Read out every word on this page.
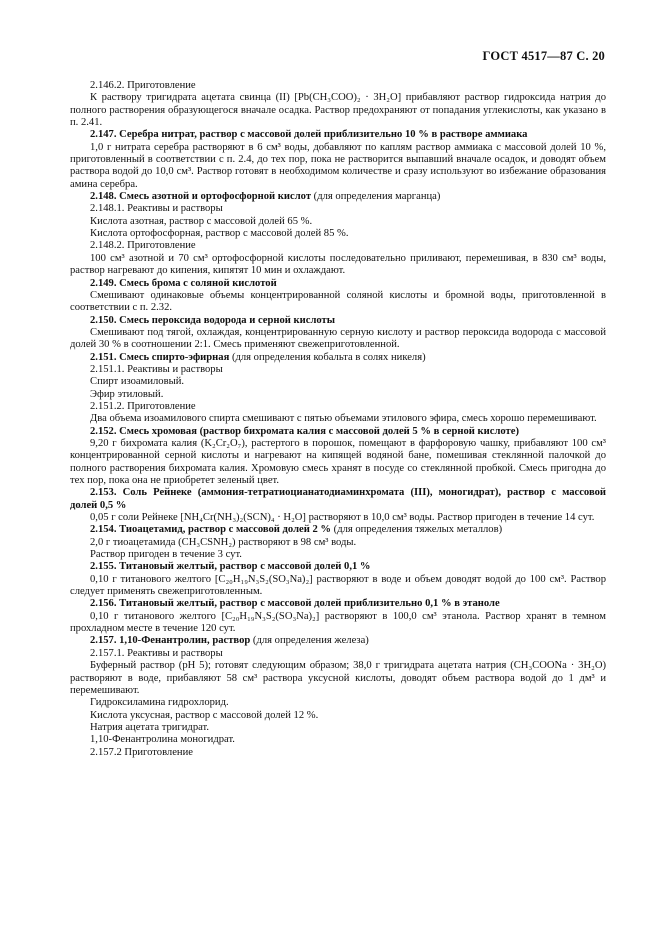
ГОСТ 4517—87 С. 20

2.146.2. Приготовление

К раствору тригидрата ацетата свинца (II) [Pb(CH₃COO)₂ · 3H₂O] прибавляют раствор гидроксида натрия до полного растворения образующегося вначале осадка. Раствор предохраняют от попадания углекислоты, как указано в п. 2.41.

2.147. Серебра нитрат, раствор с массовой долей приблизительно 10 % в растворе аммиака

1,0 г нитрата серебра растворяют в 6 см³ воды, добавляют по каплям раствор аммиака с массовой долей 10 %, приготовленный в соответствии с п. 2.4, до тех пор, пока не растворится выпавший вначале осадок, и доводят объем раствора водой до 10,0 см³. Раствор готовят в необходимом количестве и сразу используют во избежание образования амина серебра.

2.148. Смесь азотной и ортофосфорной кислот (для определения марганца)

2.148.1. Реактивы и растворы

Кислота азотная, раствор с массовой долей 65 %.

Кислота ортофосфорная, раствор с массовой долей 85 %.

2.148.2. Приготовление

100 см³ азотной и 70 см³ ортофосфорной кислоты последовательно приливают, перемешивая, в 830 см³ воды, раствор нагревают до кипения, кипятят 10 мин и охлаждают.

2.149. Смесь брома с соляной кислотой

Смешивают одинаковые объемы концентрированной соляной кислоты и бромной воды, приготовленной в соответствии с п. 2.32.

2.150. Смесь пероксида водорода и серной кислоты

Смешивают под тягой, охлаждая, концентрированную серную кислоту и раствор пероксида водорода с массовой долей 30 % в соотношении 2:1. Смесь применяют свежеприготовленной.

2.151. Смесь спирто-эфирная (для определения кобальта в солях никеля)

2.151.1. Реактивы и растворы

Спирт изоамиловый.

Эфир этиловый.

2.151.2. Приготовление

Два объема изоамилового спирта смешивают с пятью объемами этилового эфира, смесь хорошо перемешивают.

2.152. Смесь хромовая (раствор бихромата калия с массовой долей 5 % в серной кислоте)

9,20 г бихромата калия (K₂Cr₂O₇), растертого в порошок, помещают в фарфоровую чашку, прибавляют 100 см³ концентрированной серной кислоты и нагревают на кипящей водяной бане, помешивая стеклянной палочкой до полного растворения бихромата калия. Хромовую смесь хранят в посуде со стеклянной пробкой. Смесь пригодна до тех пор, пока она не приобретет зеленый цвет.

2.153. Соль Рейнеке (аммония-тетратиоцианатодиаминхромата (III), моногидрат), раствор с массовой долей 0,5 %

0,05 г соли Рейнеке [NH₄Cr(NH₃)₂(SCN)₄ · H₂O] растворяют в 10,0 см³ воды. Раствор пригоден в течение 14 сут.

2.154. Тиоацетамид, раствор с массовой долей 2 % (для определения тяжелых металлов)

2,0 г тиоацетамида (CH₃CSNH₂) растворяют в 98 см³ воды.

Раствор пригоден в течение 3 сут.

2.155. Титановый желтый, раствор с массовой долей 0,1 %

0,10 г титанового желтого [C₂₀H₁₉N₃S₂(SO₃Na)₂] растворяют в воде и объем доводят водой до 100 см³. Раствор следует применять свежеприготовленным.

2.156. Титановый желтый, раствор с массовой долей приблизительно 0,1 % в этаноле

0,10 г титанового желтого [C₂₀H₁₉N₃S₂(SO₃Na)₂] растворяют в 100,0 см³ этанола. Раствор хранят в темном прохладном месте в течение 120 сут.

2.157. 1,10-Фенантролин, раствор (для определения железа)

2.157.1. Реактивы и растворы

Буферный раствор (pH 5); готовят следующим образом; 38,0 г тригидрата ацетата натрия (CH₃COONa · 3H₂O) растворяют в воде, прибавляют 58 см³ раствора уксусной кислоты, доводят объем раствора водой до 1 дм³ и перемешивают.

Гидроксиламина гидрохлорид.

Кислота уксусная, раствор с массовой долей 12 %.

Натрия ацетата тригидрат.

1,10-Фенантролина моногидрат.

2.157.2 Приготовление
